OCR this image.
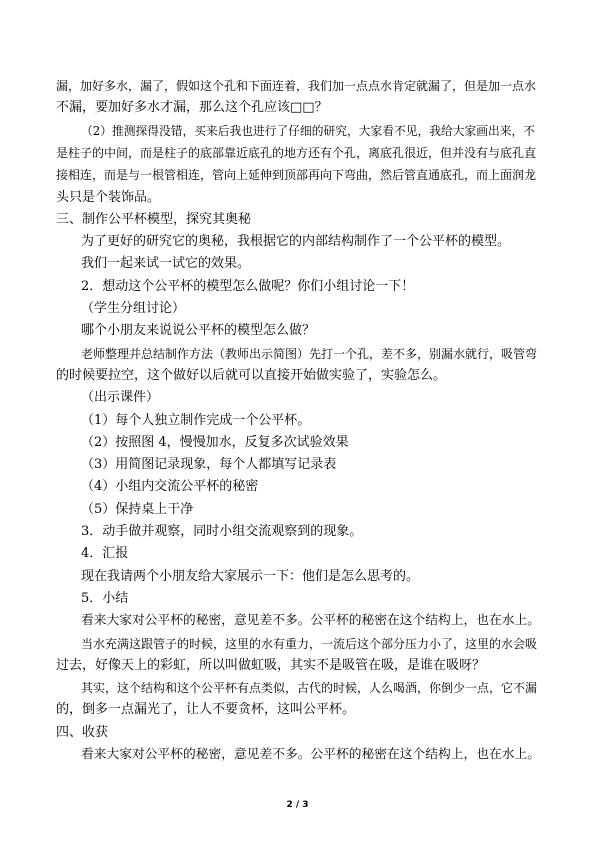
漏，加好多水，漏了，假如这个孔和下面连着，我们加一点点水肯定就漏了，但是加一点水
不漏，要加好多水才漏，那么这个孔应该□□？
（2）推测探得没错，买来后我也进行了仔细的研究，大家看不见，我给大家画出来，不
是柱子的中间，而是柱子的底部靠近底孔的地方还有个孔，离底孔很近，但并没有与底孔直
接相连，而是与一根管相连，管向上延伸到顶部再向下弯曲，然后管直通底孔，而上面润龙
头只是个装饰品。
三、制作公平杯模型，探究其奥秘
为了更好的研究它的奥秘，我根据它的内部结构制作了一个公平杯的模型。
我们一起来试一试它的效果。
2．想动这个公平杯的模型怎么做呢？你们小组讨论一下！
（学生分组讨论）
哪个小朋友来说说公平杯的模型怎么做？
老师整理并总结制作方法（教师出示简图）先打一个孔，差不多，别漏水就行，吸管弯
的时候要拉空，这个做好以后就可以直接开始做实验了，实验怎么。
（出示课件）
（1）每个人独立制作完成一个公平杯。
（2）按照图 4，慢慢加水，反复多次试验效果
（3）用简图记录现象，每个人都填写记录表
（4）小组内交流公平杯的秘密
（5）保持桌上干净
3．动手做并观察，同时小组交流观察到的现象。
4．汇报
现在我请两个小朋友给大家展示一下：他们是怎么思考的。
5．小结
看来大家对公平杯的秘密，意见差不多。公平杯的秘密在这个结构上，也在水上。
当水充满这跟管子的时候，这里的水有重力，一流后这个部分压力小了，这里的水会吸
过去，好像天上的彩虹，所以叫做虹吸，其实不是吸管在吸，是谁在吸呀？
其实，这个结构和这个公平杯有点类似，古代的时候，人么喝酒，你倒少一点，它不漏
的，倒多一点漏光了，让人不要贪杯，这叫公平杯。
四、收获
看来大家对公平杯的秘密，意见差不多。公平杯的秘密在这个结构上，也在水上。
2 / 3
